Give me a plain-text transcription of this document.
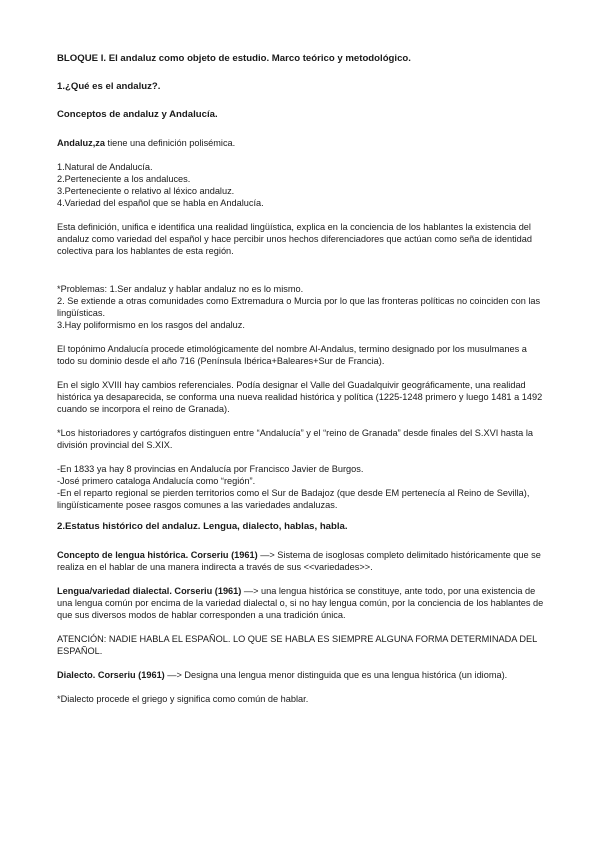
BLOQUE I. El andaluz como objeto de estudio. Marco teórico y metodológico.

1.¿Qué es el andaluz?.

Conceptos de andaluz y Andalucía.

Andaluz,za tiene una definición polisémica.

1.Natural de Andalucía.

2.Perteneciente a los andaluces.

3.Perteneciente o relativo al léxico andaluz.

4.Variedad del español que se habla en Andalucía.

Esta definición, unifica e identifica una realidad lingüística, explica en la conciencia de los hablantes la existencia del andaluz como variedad del español y hace percibir unos hechos diferenciadores que actúan como seña de identidad colectiva para los hablantes de esta región.

*Problemas: 1.Ser andaluz y hablar andaluz no es lo mismo.

2. Se extiende a otras comunidades como Extremadura o Murcia por lo que las fronteras políticas no coinciden con las lingüísticas.

3.Hay poliformismo en los rasgos del andaluz.

El topónimo Andalucía procede etimológicamente del nombre Al-Andalus, termino designado por los musulmanes a todo su dominio desde el año 716 (Península Ibérica+Baleares+Sur de Francia).

En el siglo XVIII hay cambios referenciales. Podía designar el Valle del Guadalquivir geográficamente, una realidad histórica ya desaparecida, se conforma una nueva realidad histórica y política (1225-1248 primero y luego 1481 a 1492 cuando se incorpora el reino de Granada).

*Los historiadores y cartógrafos distinguen entre “Andalucía” y el “reino de Granada” desde finales del S.XVI hasta la división provincial del S.XIX.

-En 1833 ya hay 8 provincias en Andalucía por Francisco Javier de Burgos.

-José primero cataloga Andalucía como “región”.

-En el reparto regional se pierden territorios como el Sur de Badajoz (que desde EM pertenecía al Reino de Sevilla), lingüísticamente posee rasgos comunes a las variedades andaluzas.

2.Estatus histórico del andaluz. Lengua, dialecto, hablas, habla.

Concepto de lengua histórica. Corseriu (1961) —> Sistema de isoglosas completo delimitado históricamente que se realiza en el hablar de una manera indirecta a través de sus <<variedades>>.

Lengua/variedad dialectal. Corseriu (1961) —> una lengua histórica se constituye, ante todo, por una existencia de una lengua común por encima de la variedad dialectal o, si no hay lengua común, por la conciencia de los hablantes de que sus diversos modos de hablar corresponden a una tradición única.

ATENCIÓN: NADIE HABLA EL ESPAÑOL. LO QUE SE HABLA ES SIEMPRE ALGUNA FORMA DETERMINADA DEL ESPAÑOL.

Dialecto. Corseriu (1961) —> Designa una lengua menor distinguida que es una lengua histórica (un idioma).

*Dialecto procede el griego y significa como común de hablar.
